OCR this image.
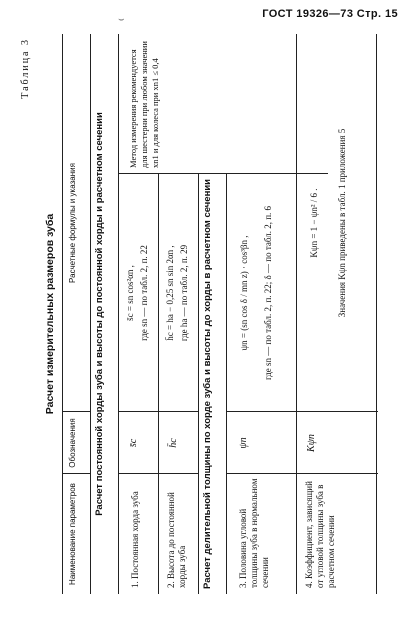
ГОСТ 19326—73 Стр. 15
⌣
Таблица 3
Расчет измерительных размеров зуба
Наименование параметров
Обозначения
Расчетные формулы и указания Расчет постоянной хорды зуба и высоты до постоянной хорды и расчетном сечении
1. Постоянная хорда зуба
s̄c
s̄c = sn cos²αn , где sn — по табл. 2, п. 22
2. Высота до постоянной хорды зуба
h̄c
h̄c = ha − 0,25 sn sin 2αn , где ha — по табл. 2, п. 29 Расчет делительной толщины по хорде зуба и высоты до хорды в расчетном сечении	3. Половина угловой толщины зуба в нормальном сечении
ψn
ψn = (sn cos δ / mn z) · cos³βn , где sn — по табл. 2, п. 22; δ — по табл. 2, п. 6
Метод измерения рекомендуется для шестерни при любом значении xn1 и для колеса при xn1 ≤ 0,4
4. Коэффициент, зависящий от угловой толщины зуба в расчетном сечении
Kψn
Kψn = 1 − ψn² / 6 . Значения Kψn приведены в табл. 1 приложения 5
